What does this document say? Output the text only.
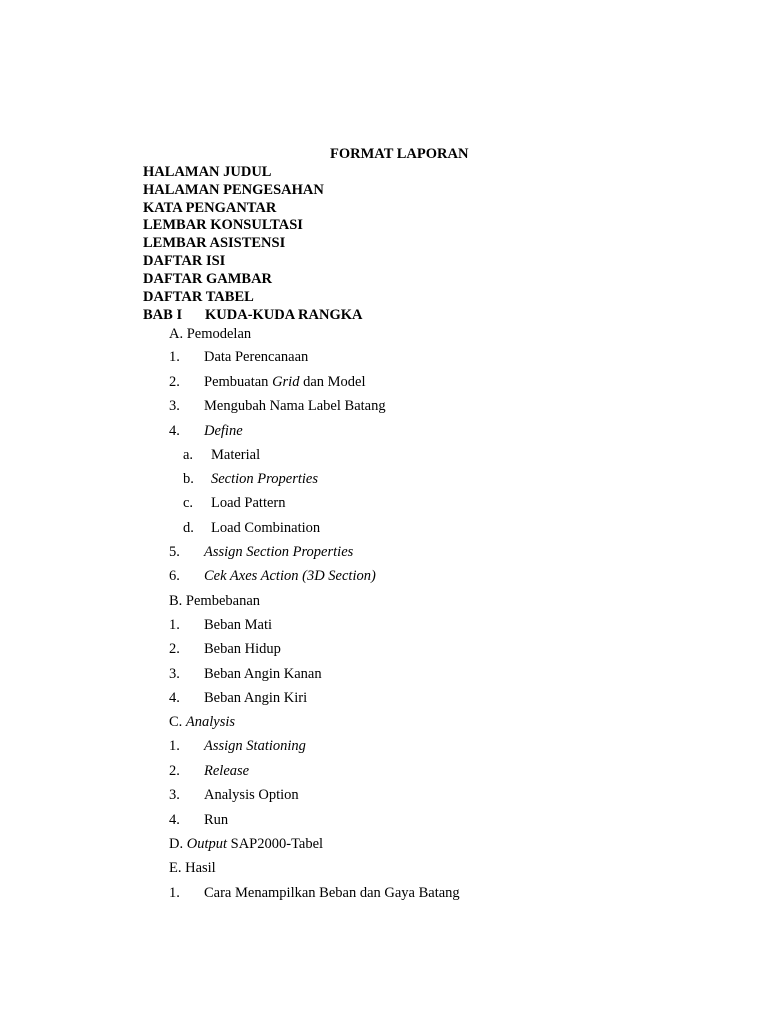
FORMAT LAPORAN
HALAMAN JUDUL
HALAMAN PENGESAHAN
KATA PENGANTAR
LEMBAR KONSULTASI
LEMBAR ASISTENSI
DAFTAR ISI
DAFTAR GAMBAR
DAFTAR TABEL
BAB I KUDA-KUDA RANGKA
A. Pemodelan
1. Data Perencanaan
2. Pembuatan Grid dan Model
3. Mengubah Nama Label Batang
4. Define
a. Material
b. Section Properties
c. Load Pattern
d. Load Combination
5. Assign Section Properties
6. Cek Axes Action (3D Section)
B. Pembebanan
1. Beban Mati
2. Beban Hidup
3. Beban Angin Kanan
4. Beban Angin Kiri
C. Analysis
1. Assign Stationing
2. Release
3. Analysis Option
4. Run
D. Output SAP2000-Tabel
E. Hasil
1. Cara Menampilkan Beban dan Gaya Batang
